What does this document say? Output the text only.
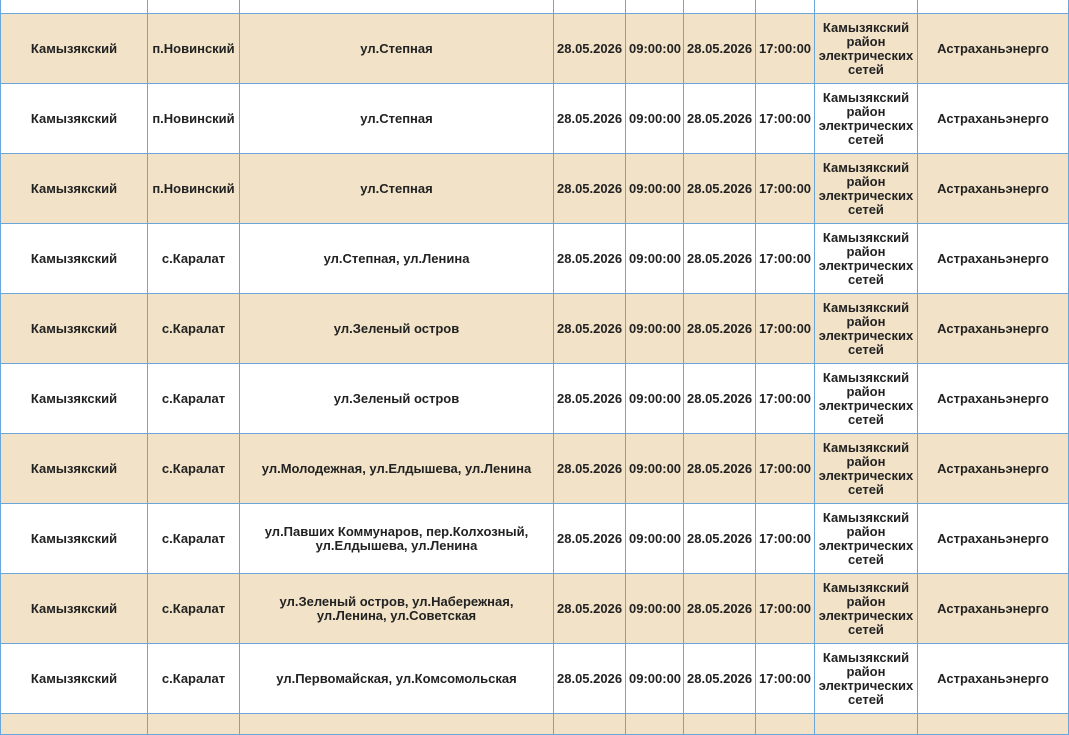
Камызякский	п.Новинский	ул.Степная	28.05.2026	09:00:00	28.05.2026	17:00:00	Камызякский район электрических сетей	Астраханьэнерго
Камызякский	п.Новинский	ул.Степная	28.05.2026	09:00:00	28.05.2026	17:00:00	Камызякский район электрических сетей	Астраханьэнерго
Камызякский	п.Новинский	ул.Степная	28.05.2026	09:00:00	28.05.2026	17:00:00	Камызякский район электрических сетей	Астраханьэнерго
Камызякский	с.Каралат	ул.Степная, ул.Ленина	28.05.2026	09:00:00	28.05.2026	17:00:00	Камызякский район электрических сетей	Астраханьэнерго
Камызякский	с.Каралат	ул.Зеленый остров	28.05.2026	09:00:00	28.05.2026	17:00:00	Камызякский район электрических сетей	Астраханьэнерго
Камызякский	с.Каралат	ул.Зеленый остров	28.05.2026	09:00:00	28.05.2026	17:00:00	Камызякский район электрических сетей	Астраханьэнерго
Камызякский	с.Каралат	ул.Молодежная, ул.Елдышева, ул.Ленина	28.05.2026	09:00:00	28.05.2026	17:00:00	Камызякский район электрических сетей	Астраханьэнерго
Камызякский	с.Каралат	ул.Павших Коммунаров, пер.Колхозный, ул.Елдышева, ул.Ленина	28.05.2026	09:00:00	28.05.2026	17:00:00	Камызякский район электрических сетей	Астраханьэнерго
Камызякский	с.Каралат	ул.Зеленый остров, ул.Набережная, ул.Ленина, ул.Советская	28.05.2026	09:00:00	28.05.2026	17:00:00	Камызякский район электрических сетей	Астраханьэнерго
Камызякский	с.Каралат	ул.Первомайская, ул.Комсомольская	28.05.2026	09:00:00	28.05.2026	17:00:00	Камызякский район электрических сетей	Астраханьэнерго
